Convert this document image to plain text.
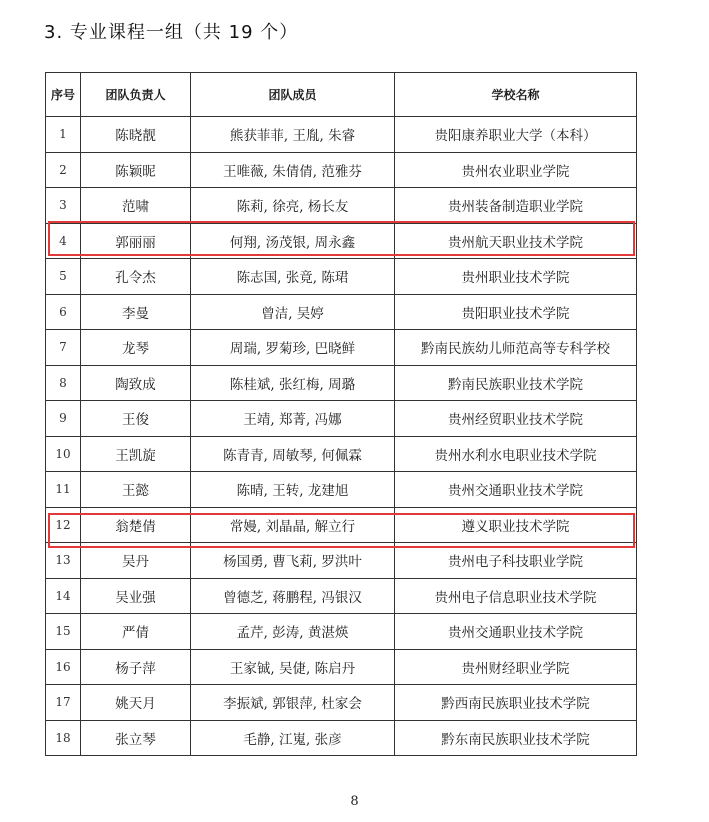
3. 专业课程一组（共 19 个）
序号	团队负责人	团队成员	学校名称
1	陈晓靓	熊获菲菲, 王胤, 朱睿	贵阳康养职业大学（本科）
2	陈颖昵	王唯薇, 朱倩倩, 范雅芬	贵州农业职业学院
3	范啸	陈莉, 徐亮, 杨长友	贵州装备制造职业学院
4	郭丽丽	何翔, 汤茂银, 周永鑫	贵州航天职业技术学院
5	孔令杰	陈志国, 张竟, 陈珺	贵州职业技术学院
6	李曼	曾洁, 吴婷	贵阳职业技术学院
7	龙琴	周瑞, 罗菊珍, 巴晓鲜	黔南民族幼儿师范高等专科学校
8	陶致成	陈桂斌, 张红梅, 周璐	黔南民族职业技术学院
9	王俊	王靖, 郑菁, 冯娜	贵州经贸职业技术学院
10	王凯旋	陈青青, 周敏琴, 何佩霖	贵州水利水电职业技术学院
11	王懿	陈晴, 王转, 龙建旭	贵州交通职业技术学院
12	翁楚倩	常嫚, 刘晶晶, 解立行	遵义职业技术学院
13	吴丹	杨国勇, 曹飞莉, 罗洪叶	贵州电子科技职业学院
14	吴业强	曾德芝, 蒋鹏程, 冯银汉	贵州电子信息职业技术学院
15	严倩	孟芹, 彭涛, 黄湛煐	贵州交通职业技术学院
16	杨子萍	王家铖, 吴倢, 陈启丹	贵州财经职业学院
17	姚天月	李振斌, 郭银萍, 杜家会	黔西南民族职业技术学院
18	张立琴	毛静, 江嵬, 张彦	黔东南民族职业技术学院
8
